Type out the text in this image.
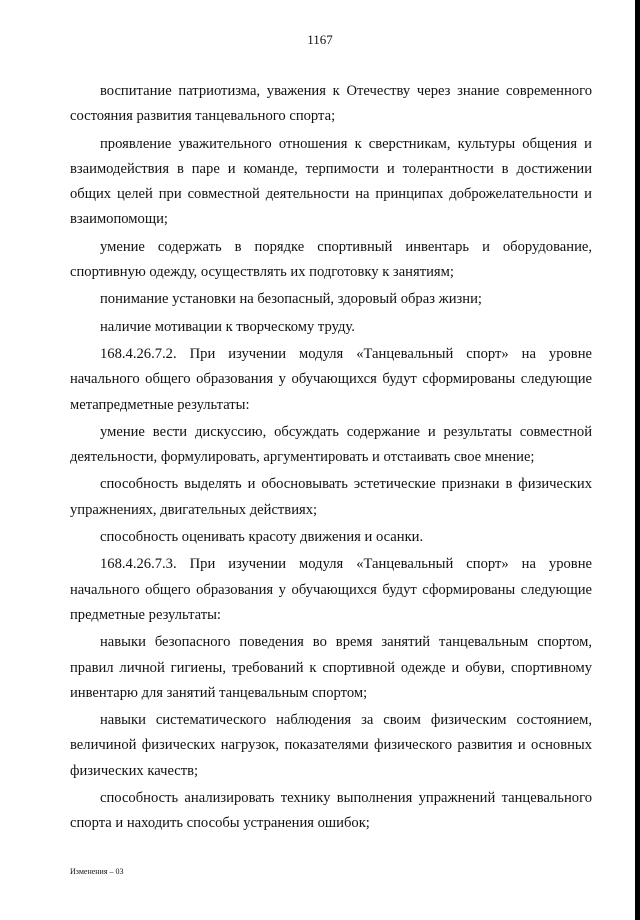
1167

воспитание патриотизма, уважения к Отечеству через знание современного состояния развития танцевального спорта;

проявление уважительного отношения к сверстникам, культуры общения и взаимодействия в паре и команде, терпимости и толерантности в достижении общих целей при совместной деятельности на принципах доброжелательности и взаимопомощи;

умение содержать в порядке спортивный инвентарь и оборудование, спортивную одежду, осуществлять их подготовку к занятиям;

понимание установки на безопасный, здоровый образ жизни;

наличие мотивации к творческому труду.

168.4.26.7.2. При изучении модуля «Танцевальный спорт» на уровне начального общего образования у обучающихся будут сформированы следующие метапредметные результаты:

умение вести дискуссию, обсуждать содержание и результаты совместной деятельности, формулировать, аргументировать и отстаивать свое мнение;

способность выделять и обосновывать эстетические признаки в физических упражнениях, двигательных действиях;

способность оценивать красоту движения и осанки.

168.4.26.7.3. При изучении модуля «Танцевальный спорт» на уровне начального общего образования у обучающихся будут сформированы следующие предметные результаты:

навыки безопасного поведения во время занятий танцевальным спортом, правил личной гигиены, требований к спортивной одежде и обуви, спортивному инвентарю для занятий танцевальным спортом;

навыки систематического наблюдения за своим физическим состоянием, величиной физических нагрузок, показателями физического развития и основных физических качеств;

способность анализировать технику выполнения упражнений танцевального спорта и находить способы устранения ошибок;

Изменения – 03
